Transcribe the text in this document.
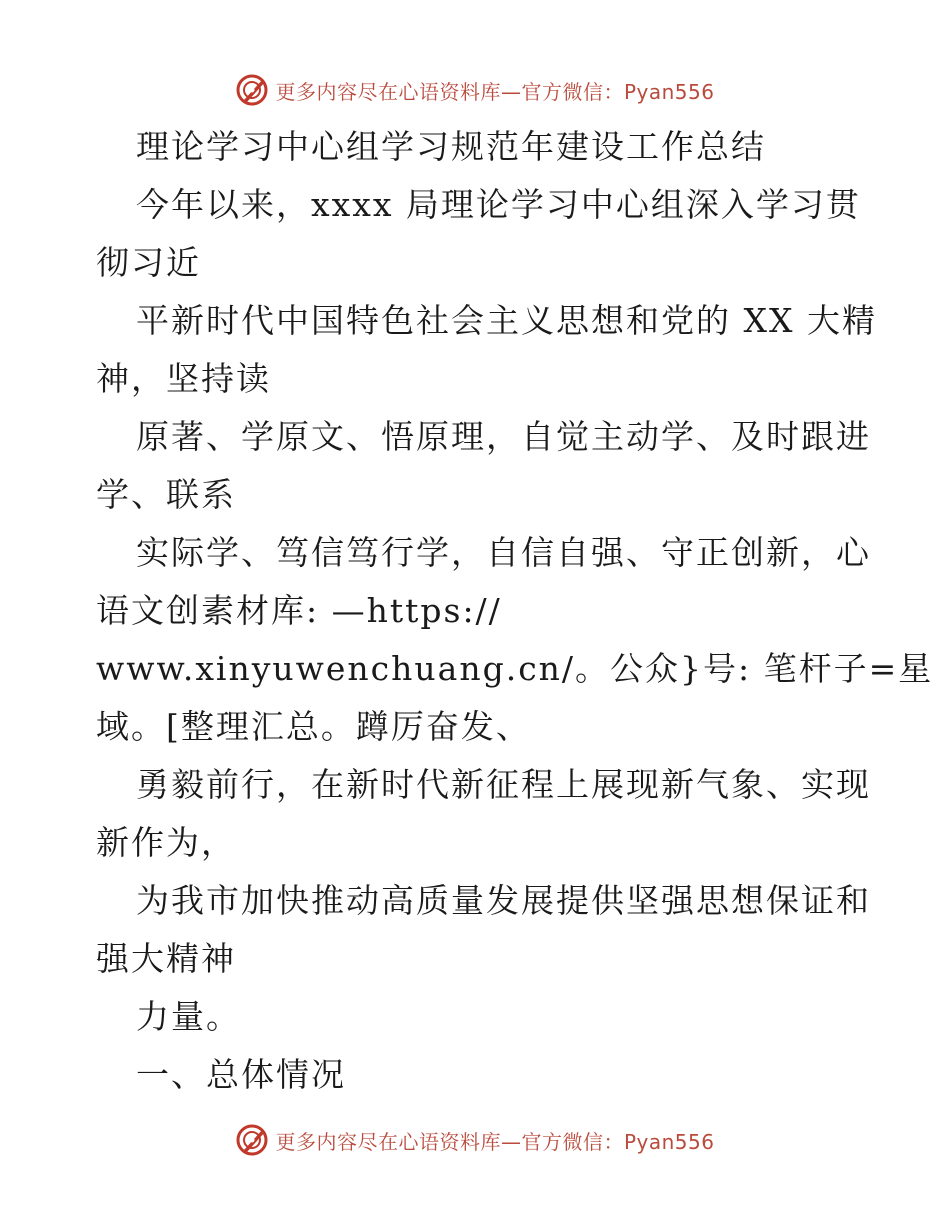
更多内容尽在心语资料库—官方微信：Pyan556
理论学习中心组学习规范年建设工作总结
今年以来，xxxx 局理论学习中心组深入学习贯
彻习近
平新时代中国特色社会主义思想和党的 XX 大精
神，坚持读
原著、学原文、悟原理，自觉主动学、及时跟进
学、联系
实际学、笃信笃行学，自信自强、守正创新，心
语文创素材库: —https://
www.xinyuwenchuang.cn/。公众}号: 笔杆子=星
域。[整理汇总。蹲厉奋发、
勇毅前行，在新时代新征程上展现新气象、实现
新作为，
为我市加快推动高质量发展提供坚强思想保证和
强大精神
力量。
一、总体情况
更多内容尽在心语资料库—官方微信：Pyan556
